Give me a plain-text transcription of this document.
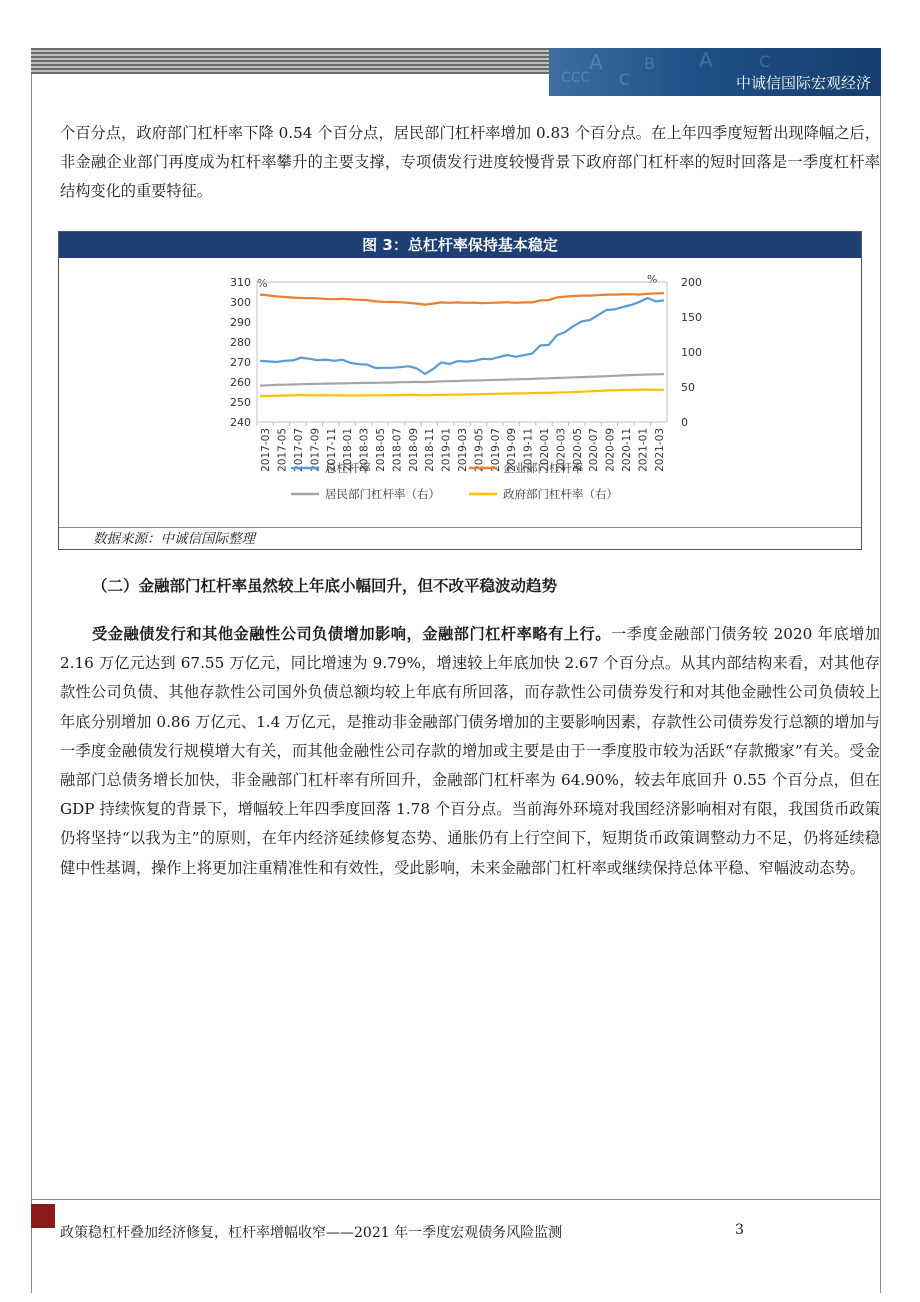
A	B A	C
CCC C	中诚信国际宏观经济
个百分点，政府部门杠杆率下降 0.54 个百分点，居民部门杠杆率增加 0.83 个百分点。在上年四季度短暂出现降幅之后，非金融企业部门再度成为杠杆率攀升的主要支撑，专项债发行进度较慢背景下政府部门杠杆率的短时回落是一季度杠杆率结构变化的重要特征。
图 3：总杠杆率保持基本稳定
240
250
260
270
280
290
300
310
0
50
100
150
200
2017-03 2017-05 2017-07 2017-09 2017-11 2018-01 2018-03 2018-05 2018-07 2018-09 2018-11 2019-01 2019-03 2019-05 2019-07 2019-09 2019-11 2020-01 2020-03 2020-05 2020-07 2020-09 2020-11 2021-01 2021-03
总杠杆率	企业部门杠杆率
居民部门杠杆率（右）	政府部门杠杆率（右）
%	%
数据来源：中诚信国际整理
（二）金融部门杠杆率虽然较上年底小幅回升，但不改平稳波动趋势
受金融债发行和其他金融性公司负债增加影响，金融部门杠杆率略有上行。一季度金融部门债务较 2020 年底增加 2.16 万亿元达到 67.55 万亿元，同比增速为 9.79%，增速较上年底加快 2.67 个百分点。从其内部结构来看，对其他存款性公司负债、其他存款性公司国外负债总额均较上年底有所回落，而存款性公司债券发行和对其他金融性公司负债较上年底分别增加 0.86 万亿元、1.4 万亿元，是推动非金融部门债务增加的主要影响因素，存款性公司债券发行总额的增加与一季度金融债发行规模增大有关，而其他金融性公司存款的增加或主要是由于一季度股市较为活跃“存款搬家”有关。受金融部门总债务增长加快，非金融部门杠杆率有所回升，金融部门杠杆率为 64.90%，较去年底回升 0.55 个百分点，但在 GDP 持续恢复的背景下，增幅较上年四季度回落 1.78 个百分点。当前海外环境对我国经济影响相对有限，我国货币政策仍将坚持“以我为主”的原则，在年内经济延续修复态势、通胀仍有上行空间下，短期货币政策调整动力不足，仍将延续稳健中性基调，操作上将更加注重精准性和有效性，受此影响，未来金融部门杠杆率或继续保持总体平稳、窄幅波动态势。
政策稳杠杆叠加经济修复，杠杆率增幅收窄——2021 年一季度宏观债务风险监测	3
